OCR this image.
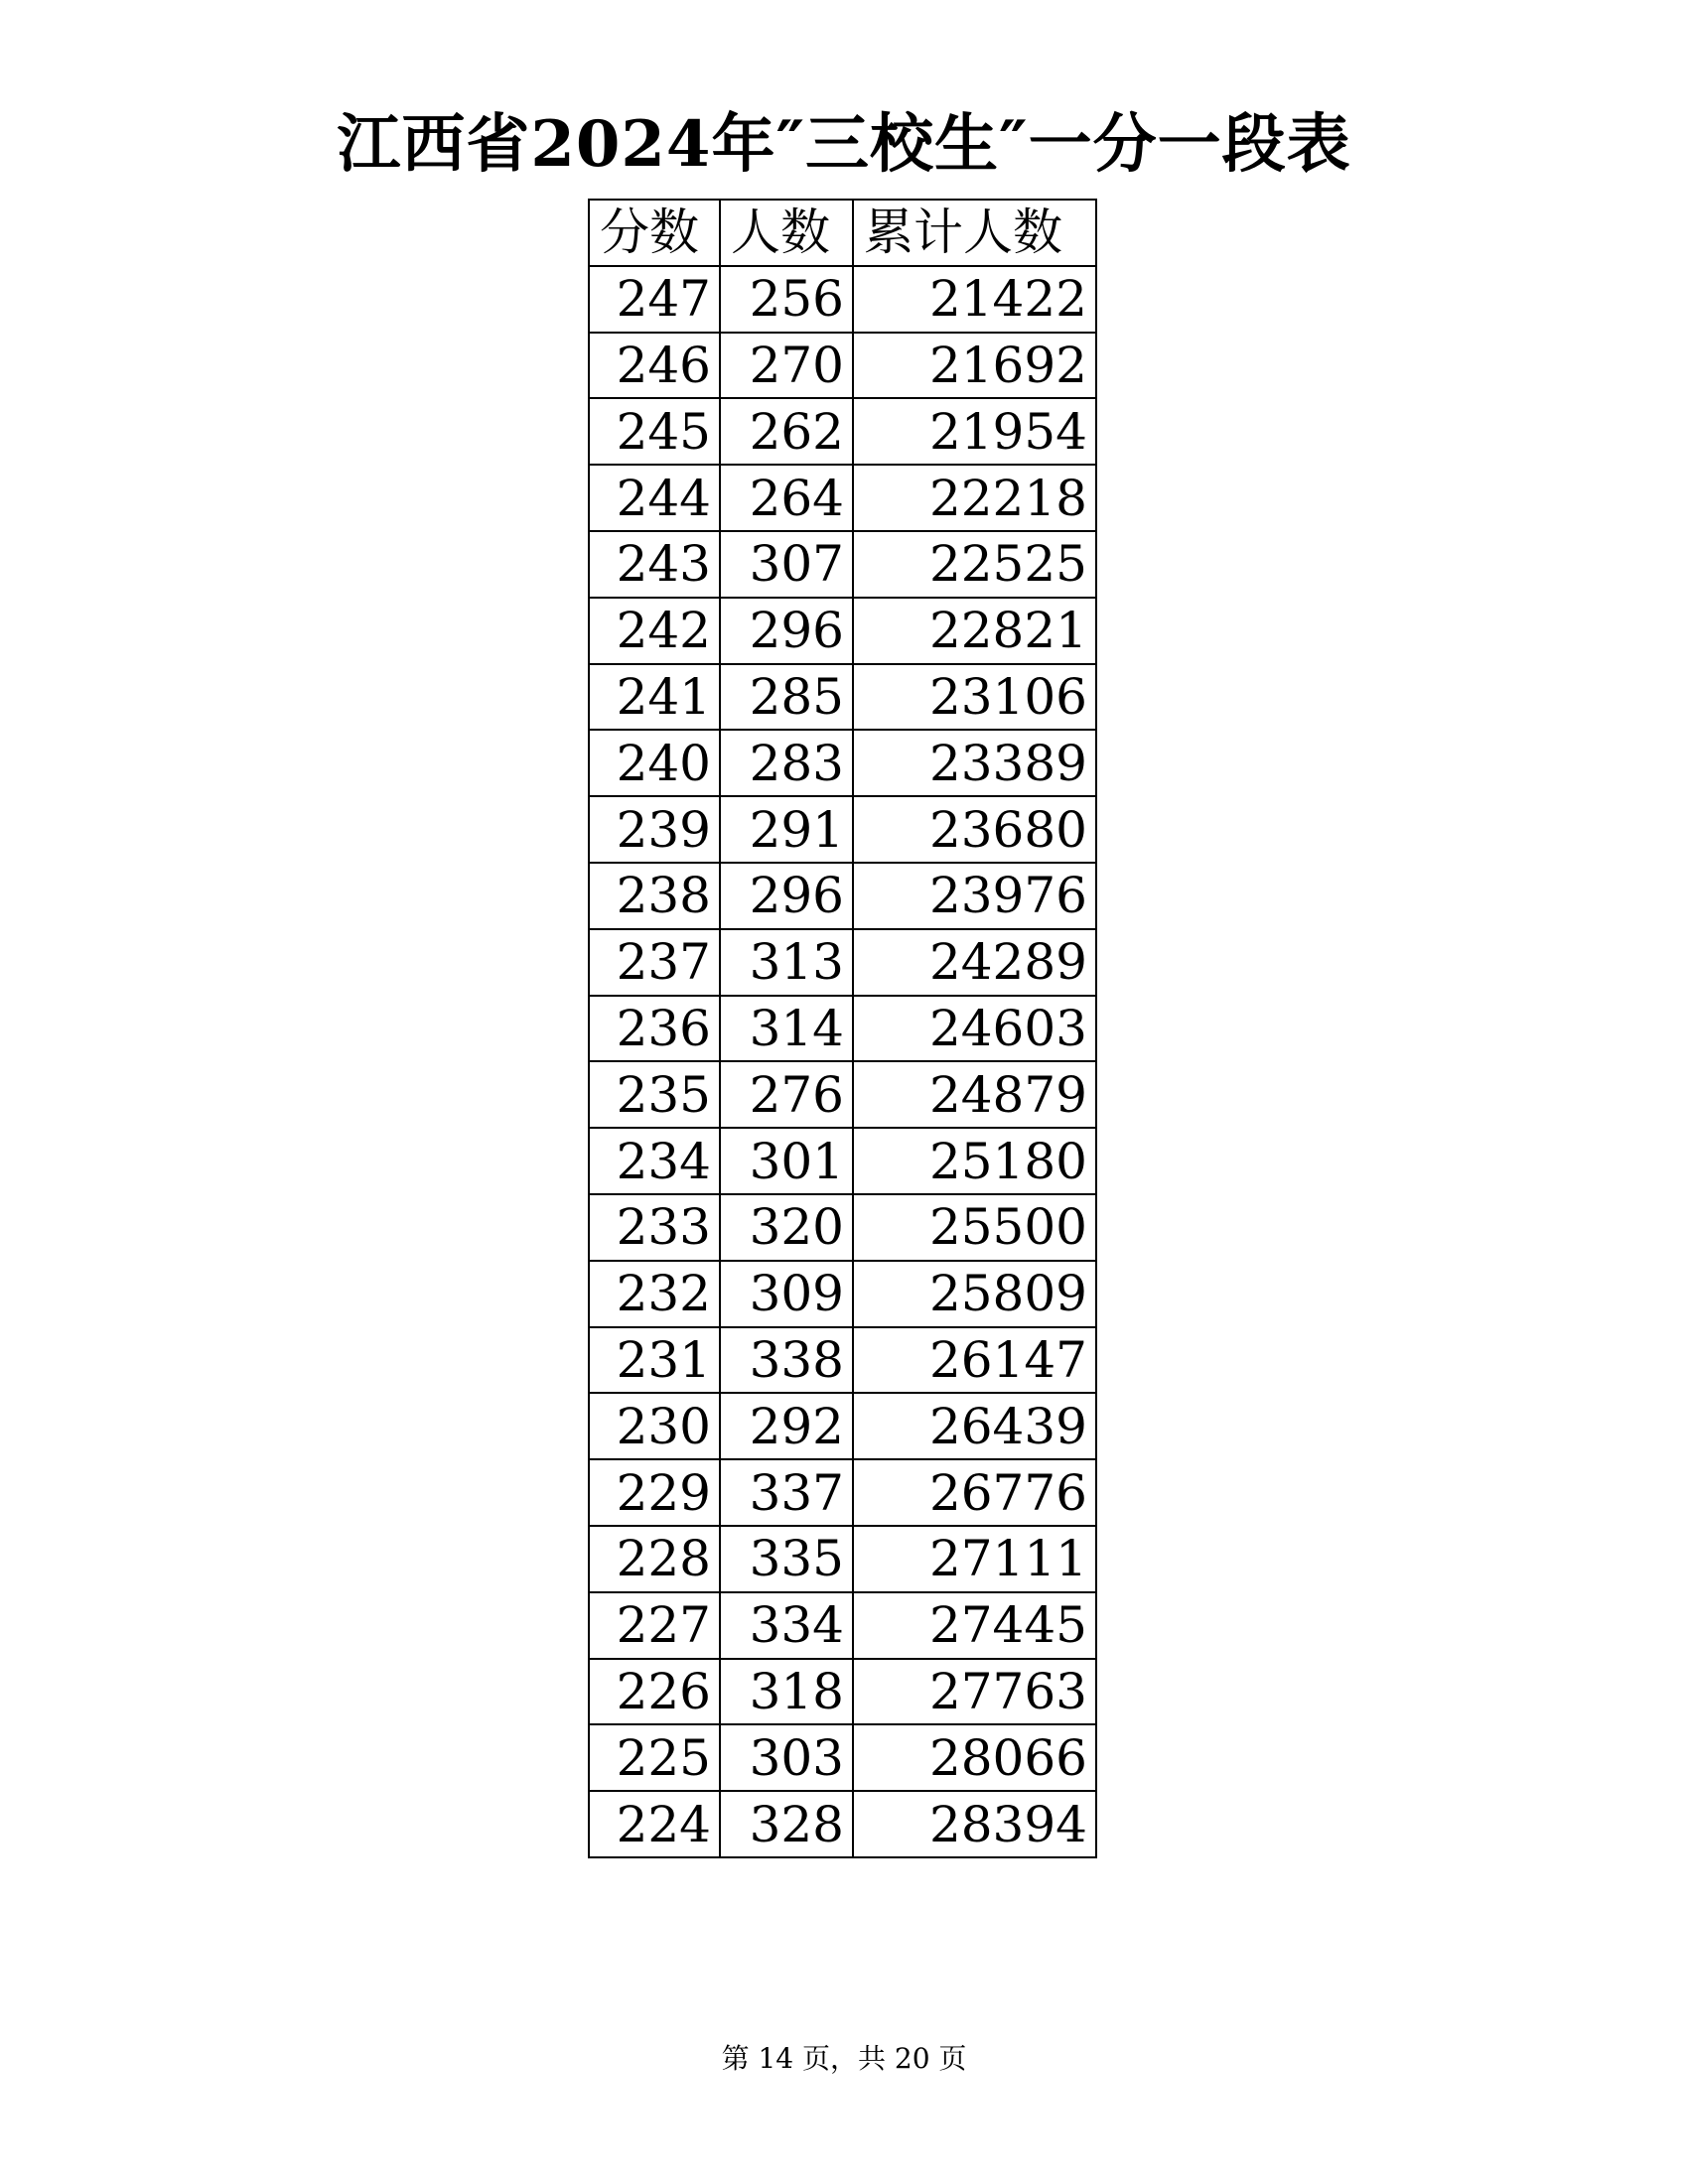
江西省2024年″三校生″一分一段表
分数	人数	累计人数
247	256	21422
246	270	21692
245	262	21954
244	264	22218
243	307	22525
242	296	22821
241	285	23106
240	283	23389
239	291	23680
238	296	23976
237	313	24289
236	314	24603
235	276	24879
234	301	25180
233	320	25500
232	309	25809
231	338	26147
230	292	26439
229	337	26776
228	335	27111
227	334	27445
226	318	27763
225	303	28066
224	328	28394
第 14 页，共 20 页
